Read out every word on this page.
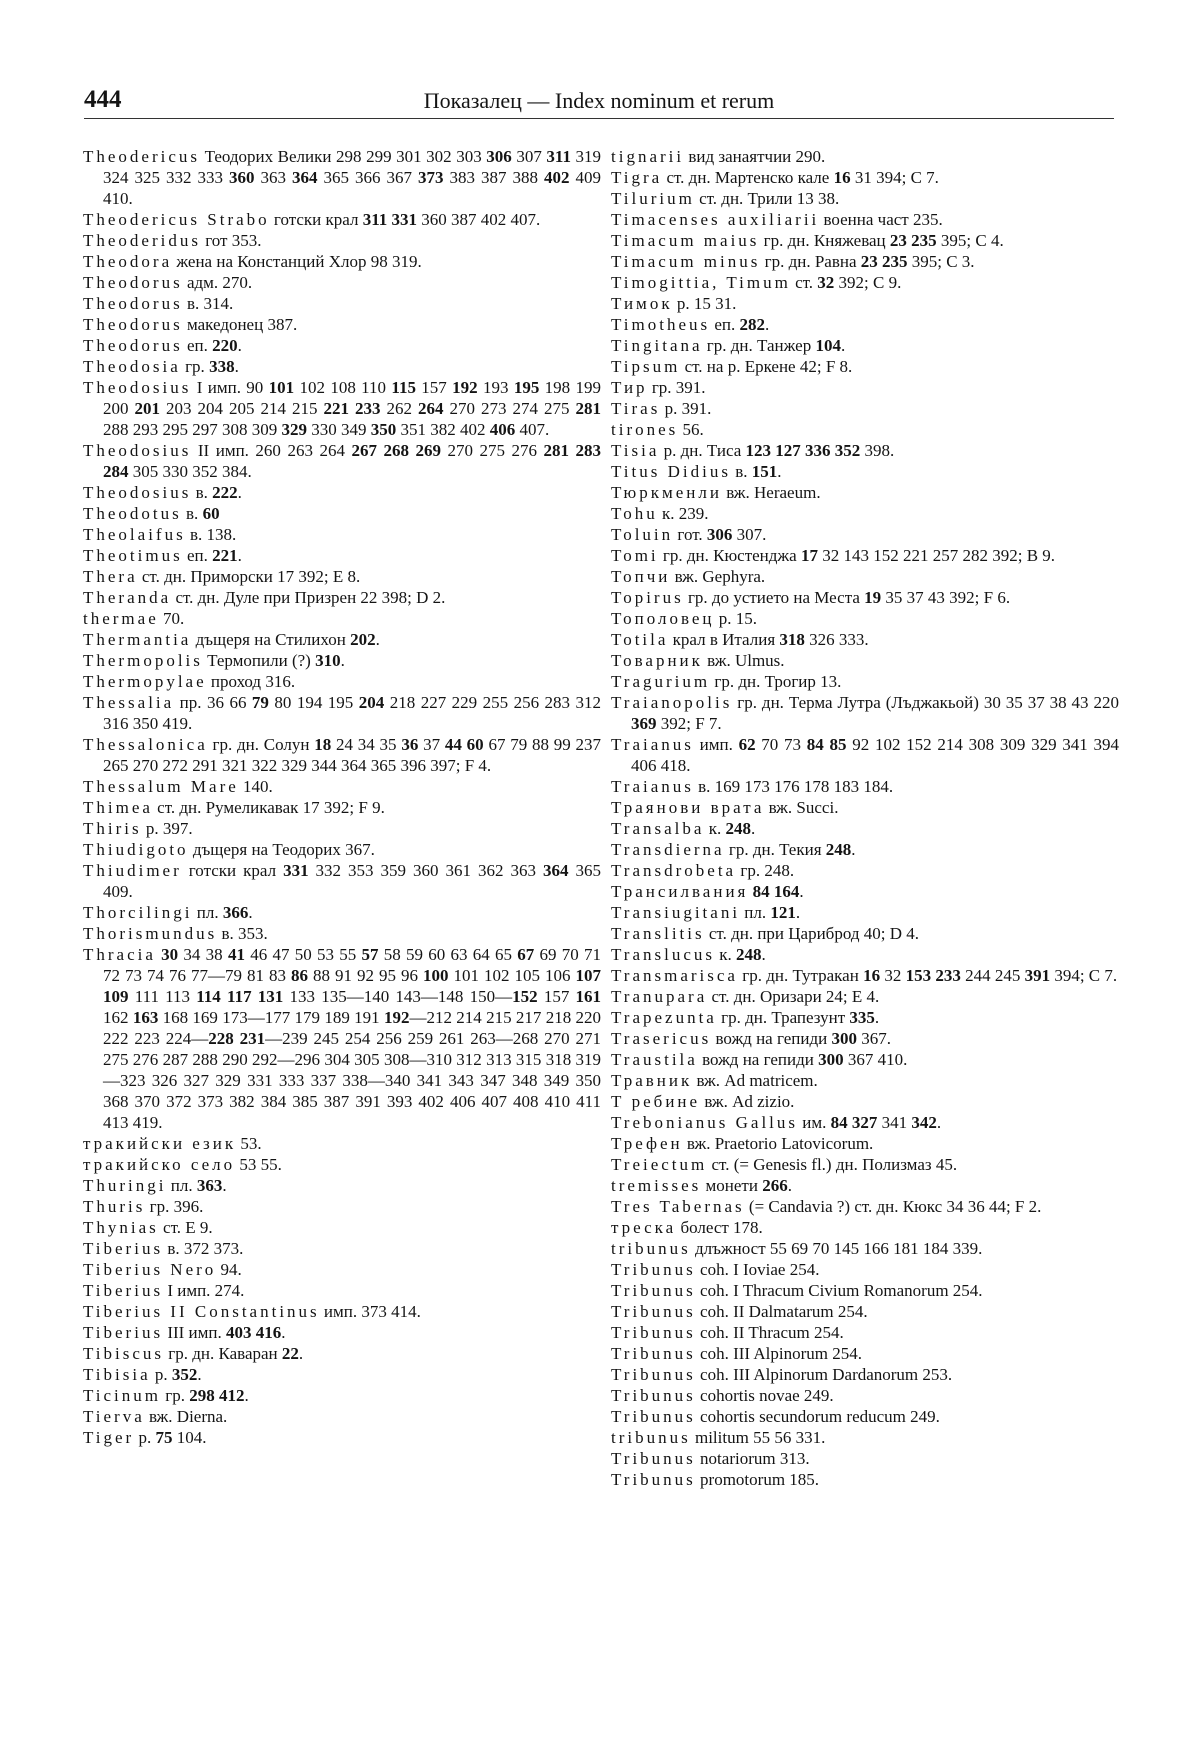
444	Показалец — Index nominum et rerum
Theodericus Теодорих Велики 298 299 301 302 303 306 307 311 319 324 325 332 333 360 363 364 365 366 367 373 383 387 388 402 409 410.
Theodericus Strabo готски крал 311 331 360 387 402 407.
Theoderidus гот 353.
Theodora жена на Констанций Хлор 98 319.
Theodorus адм. 270.
Theodorus в. 314.
Theodorus македонец 387.
Theodorus еп. 220.
Theodosia гр. 338.
Theodosius I имп. 90 101 102 108 110 115 157 192 193 195 198 199 200 201 203 204 205 214 215 221 233 262 264 270 273 274 275 281 288 293 295 297 308 309 329 330 349 350 351 382 402 406 407.
Theodosius II имп. 260 263 264 267 268 269 270 275 276 281 283 284 305 330 352 384.
Theodosius в. 222.
Theodotus в. 60
Theolaifus в. 138.
Theotimus еп. 221.
Thera ст. дн. Приморски 17 392; E 8.
Theranda ст. дн. Дуле при Призрен 22 398; D 2.
thermae 70.
Thermantia дъщеря на Стилихон 202.
Thermopolis Термопили (?) 310.
Thermopylae проход 316.
Thessalia пр. 36 66 79 80 194 195 204 218 227 229 255 256 283 312 316 350 419.
Thessalonica гр. дн. Солун 18 24 34 35 36 37 44 60 67 79 88 99 237 265 270 272 291 321 322 329 344 364 365 396 397; F 4.
Thessalum Mare 140.
Thimea ст. дн. Румеликавак 17 392; F 9.
Thiris р. 397.
Thiudigoto дъщеря на Теодорих 367.
Thiudimer готски крал 331 332 353 359 360 361 362 363 364 365 409.
Thorcilingi пл. 366.
Thorismundus в. 353.
Thracia 30 34 38 41 46 47 50 53 55 57 58 59 60 63 64 65 67 69 70 71 72 73 74 76 77—79 81 83 86 88 91 92 95 96 100 101 102 105 106 107 109 111 113 114 117 131 133 135—140 143—148 150—152 157 161 162 163 168 169 173—177 179 189 191 192—212 214 215 217 218 220 222 223 224—228 231—239 245 254 256 259 261 263—268 270 271 275 276 287 288 290 292—296 304 305 308—310 312 313 315 318 319—323 326 327 329 331 333 337 338—340 341 343 347 348 349 350 368 370 372 373 382 384 385 387 391 393 402 406 407 408 410 411 413 419.
тракийски език 53.
тракийско село 53 55.
Thuringi пл. 363.
Thuris гр. 396.
Thynias ст. E 9.
Tiberius в. 372 373.
Tiberius Nero 94.
Tiberius I имп. 274.
Tiberius II Constantinus имп. 373 414.
Tiberius III имп. 403 416.
Tibiscus гр. дн. Каваран 22.
Tibisia р. 352.
Ticinum гр. 298 412.
Tierva вж. Dierna.
Tiger р. 75 104.
tignarii вид занаятчии 290.
Tigra ст. дн. Мартенско кале 16 31 394; C 7.
Tilurium ст. дн. Трили 13 38.
Timacenses auxiliarii военна част 235.
Timacum maius гр. дн. Княжевац 23 235 395; C 4.
Timacum minus гр. дн. Равна 23 235 395; C 3.
Timogittia, Timum ст. 32 392; C 9.
Тимок р. 15 31.
Timotheus еп. 282.
Tingitana гр. дн. Танжер 104.
Tipsum ст. на р. Еркене 42; F 8.
Тир гр. 391.
Tiras р. 391.
tirones 56.
Tisia р. дн. Тиса 123 127 336 352 398.
Titus Didius в. 151.
Тюркменли вж. Heraeum.
Tohu к. 239.
Toluin гот. 306 307.
Tomi гр. дн. Кюстенджа 17 32 143 152 221 257 282 392; B 9.
Топчи вж. Gephyra.
Topirus гр. до устието на Места 19 35 37 43 392; F 6.
Тополовец р. 15.
Totila крал в Италия 318 326 333.
Товарник вж. Ulmus.
Tragurium гр. дн. Трогир 13.
Traianopolis гр. дн. Терма Лутра (Лъджакьой) 30 35 37 38 43 220 369 392; F 7.
Traianus имп. 62 70 73 84 85 92 102 152 214 308 309 329 341 394 406 418.
Traianus в. 169 173 176 178 183 184.
Траянови врата вж. Succi.
Transalba к. 248.
Transdierna гр. дн. Текия 248.
Transdrobeta гр. 248.
Трансилвания 84 164.
Transiugitani пл. 121.
Translitis ст. дн. при Цариброд 40; D 4.
Translucus к. 248.
Transmarisca гр. дн. Тутракан 16 32 153 233 244 245 391 394; C 7.
Tranupara ст. дн. Оризари 24; E 4.
Trapezunta гр. дн. Трапезунт 335.
Trasericus вожд на гепиди 300 367.
Traustila вожд на гепиди 300 367 410.
Травник вж. Ad matricem.
Т ребине вж. Ad zizio.
Trebonianus Gallus им. 84 327 341 342.
Трефен вж. Praetorio Latovicorum.
Treiectum ст. (= Genesis fl.) дн. Полизмаз 45.
tremisses монети 266.
Tres Tabernas (= Candavia ?) ст. дн. Кюкс 34 36 44; F 2.
треска болест 178.
tribunus длъжност 55 69 70 145 166 181 184 339.
Tribunus coh. I Ioviae 254.
Tribunus coh. I Thracum Civium Romanorum 254.
Tribunus coh. II Dalmatarum 254.
Tribunus coh. II Thracum 254.
Tribunus coh. III Alpinorum 254.
Tribunus coh. III Alpinorum Dardanorum 253.
Tribunus cohortis novae 249.
Tribunus cohortis secundorum reducum 249.
tribunus militum 55 56 331.
Tribunus notariorum 313.
Tribunus promotorum 185.
